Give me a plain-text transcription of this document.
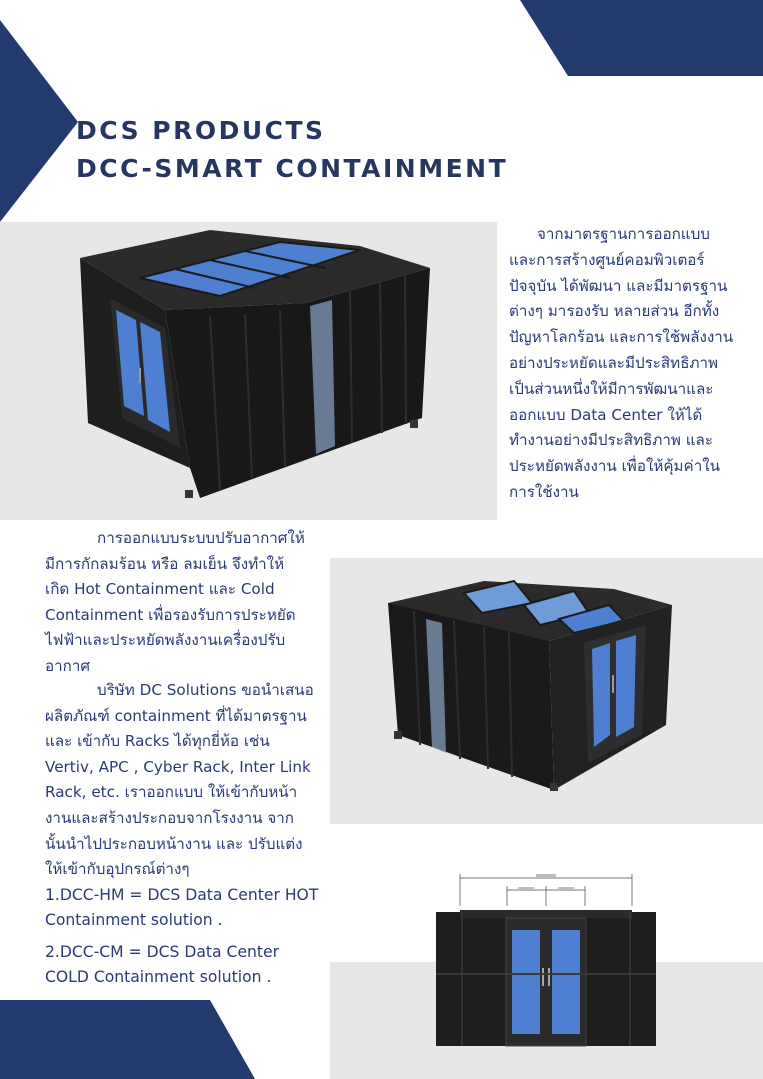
DCS PRODUCTS
DCC-SMART CONTAINMENT

จากมาตรฐานการออกแบบ

และการสร้างศูนย์คอมพิวเตอร์

ปัจจุบัน ได้พัฒนา และมีมาตรฐาน

ต่างๆ มารองรับ หลายส่วน อีกทั้ง

ปัญหาโลกร้อน และการใช้พลังงาน

อย่างประหยัดและมีประสิทธิภาพ

เป็นส่วนหนึ่งให้มีการพัฒนาและ

ออกแบบ Data Center ให้ได้

ทำงานอย่างมีประสิทธิภาพ และ

ประหยัดพลังงาน เพื่อให้คุ้มค่าใน

การใช้งาน

การออกแบบระบบปรับอากาศให้

มีการกักลมร้อน หรือ ลมเย็น จึงทำให้

เกิด Hot Containment และ Cold

Containment เพื่อรองรับการประหยัด

ไฟฟ้าและประหยัดพลังงานเครื่องปรับ

อากาศ

บริษัท DC Solutions ขอนำเสนอ

ผลิตภัณฑ์ containment ที่ได้มาตรฐาน

และ เข้ากับ Racks ได้ทุกยี่ห้อ เช่น

Vertiv, APC , Cyber Rack, Inter Link

Rack, etc. เราออกแบบ ให้เข้ากับหน้า

งานและสร้างประกอบจากโรงงาน จาก

นั้นนำไปประกอบหน้างาน และ ปรับแต่ง

ให้เข้ากับอุปกรณ์ต่างๆ

1.DCC-HM = DCS Data Center HOT
Containment solution .
2.DCC-CM = DCS Data Center
COLD Containment solution .
